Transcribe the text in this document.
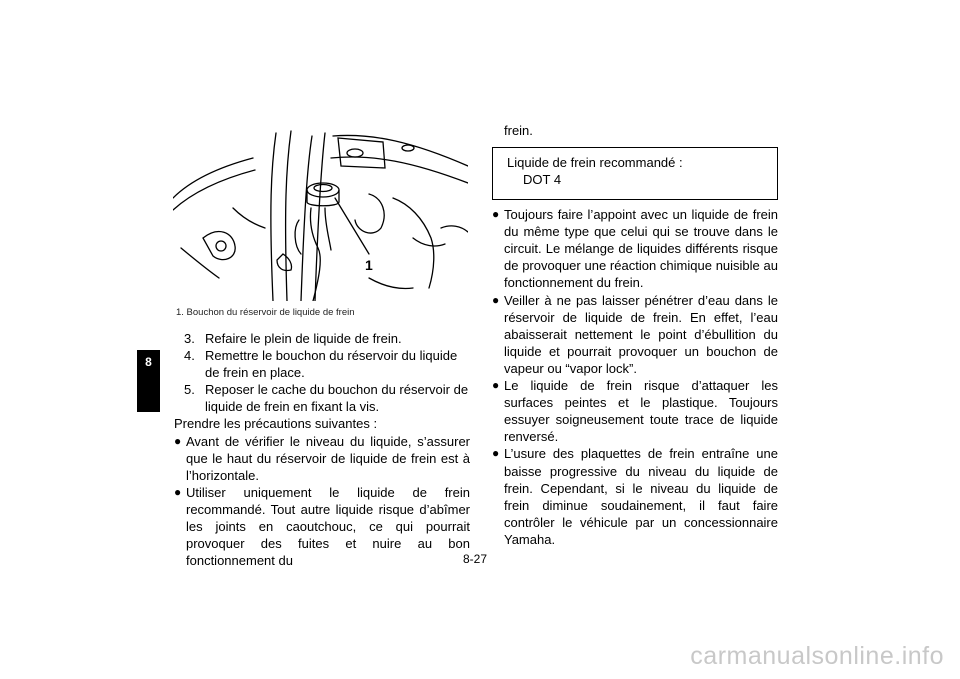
8
1
1. Bouchon du réservoir de liquide de frein
3. Refaire le plein de liquide de frein.
4. Remettre le bouchon du réservoir du liquide de frein en place.
5. Reposer le cache du bouchon du réservoir de liquide de frein en fixant la vis.

Prendre les précautions suivantes :

● Avant de vérifier le niveau du liquide, s’assurer que le haut du réservoir de liquide de frein est à l’horizontale.
● Utiliser uniquement le liquide de frein recommandé. Tout autre liquide risque d’abîmer les joints en caoutchouc, ce qui pourrait provoquer des fuites et nuire au bon fonctionnement du
frein.
Liquide de frein recommandé :
DOT 4
● Toujours faire l’appoint avec un liquide de frein du même type que celui qui se trouve dans le circuit. Le mélange de liquides différents risque de provoquer une réaction chimique nuisible au fonctionnement du frein.
● Veiller à ne pas laisser pénétrer d’eau dans le réservoir de liquide de frein. En effet, l’eau abaisserait nettement le point d’ébullition du liquide et pourrait provoquer un bouchon de vapeur ou “vapor lock”.
● Le liquide de frein risque d’attaquer les surfaces peintes et le plastique. Toujours essuyer soigneusement toute trace de liquide renversé.
● L’usure des plaquettes de frein entraîne une baisse progressive du niveau du liquide de frein. Cependant, si le niveau du liquide de frein diminue soudainement, il faut faire contrôler le véhicule par un concessionnaire Yamaha.
8-27
carmanualsonline.info
